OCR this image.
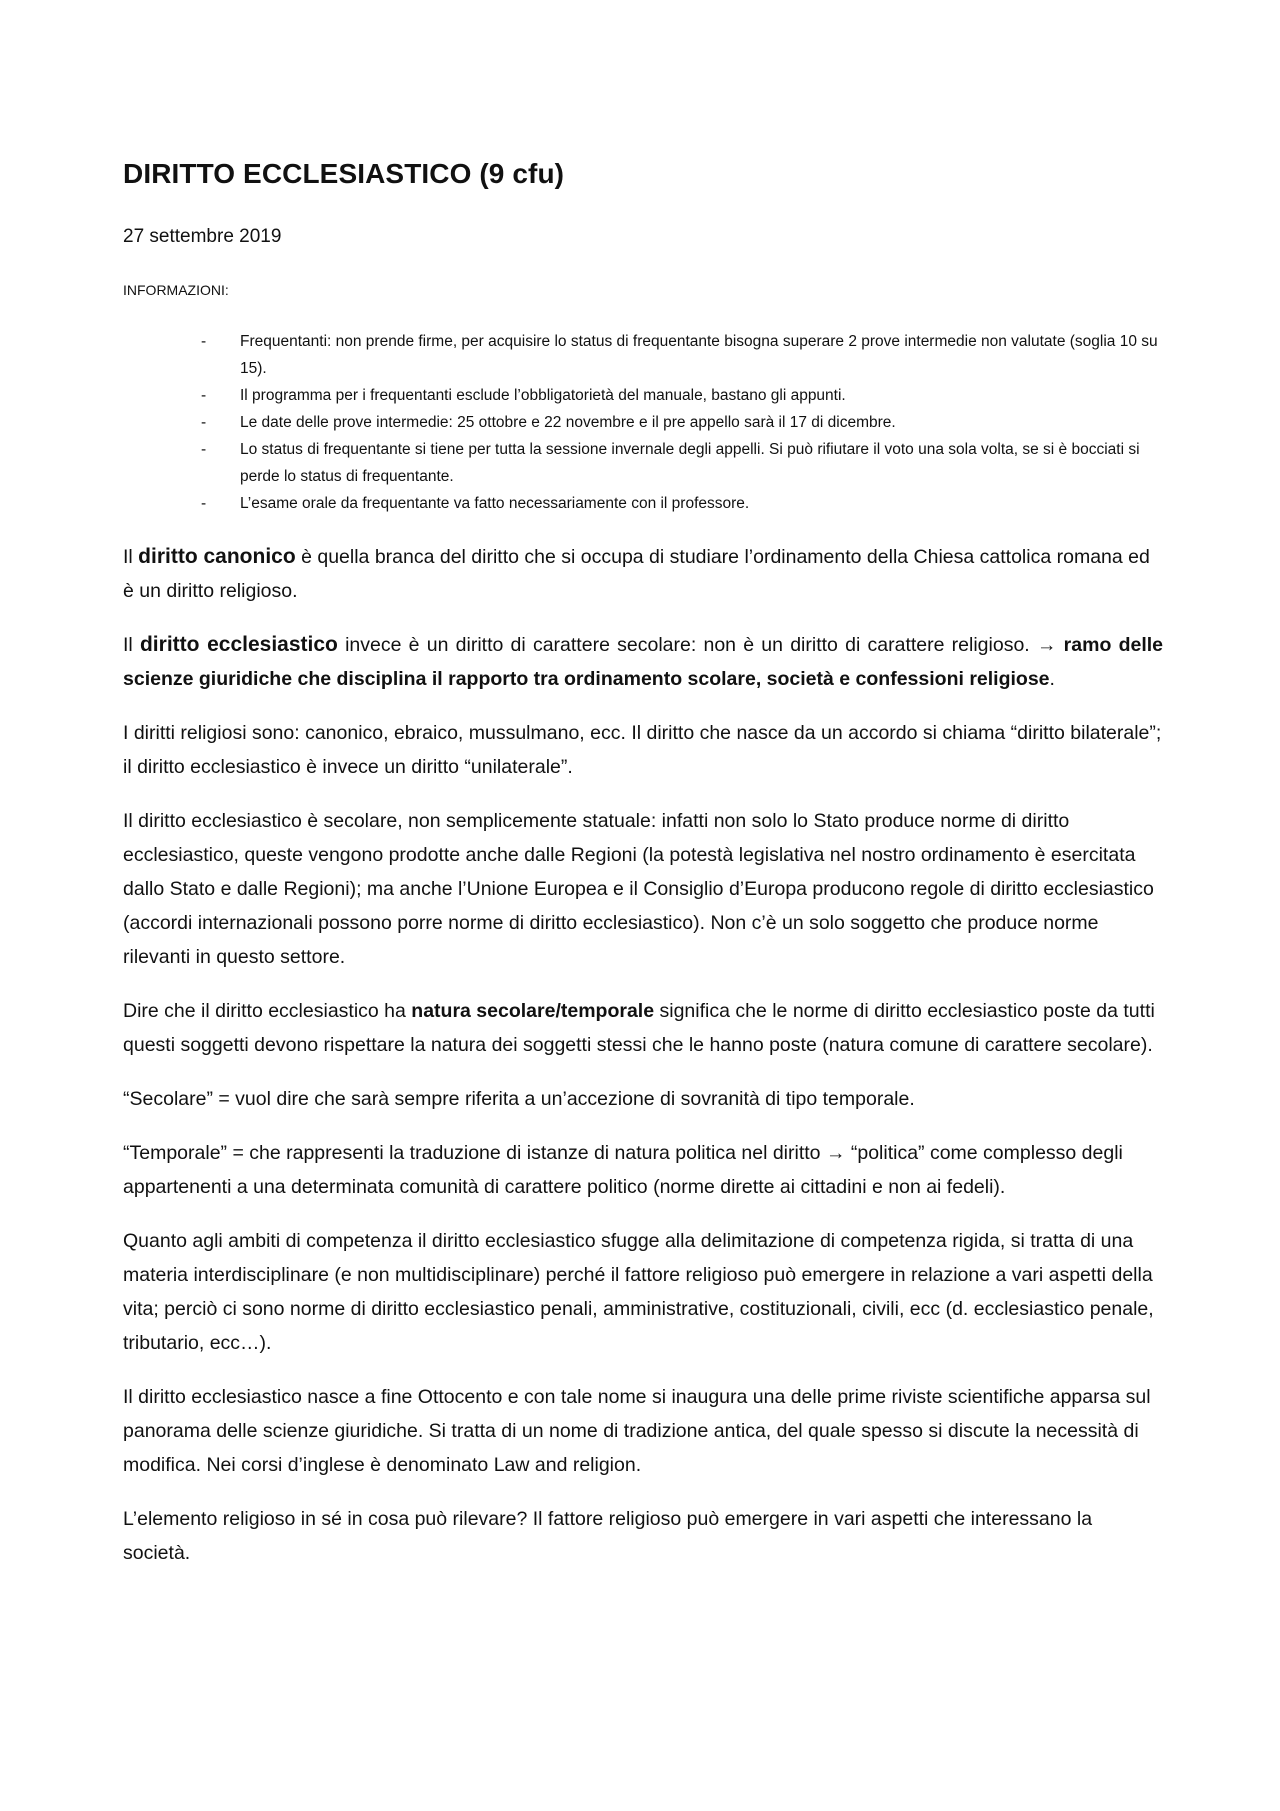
DIRITTO ECCLESIASTICO (9 cfu)

27 settembre 2019

INFORMAZIONI:

- Frequentanti: non prende firme, per acquisire lo status di frequentante bisogna superare 2 prove intermedie non valutate (soglia 10 su 15).
- Il programma per i frequentanti esclude l’obbligatorietà del manuale, bastano gli appunti.
- Le date delle prove intermedie: 25 ottobre e 22 novembre e il pre appello sarà il 17 di dicembre.
- Lo status di frequentante si tiene per tutta la sessione invernale degli appelli. Si può rifiutare il voto una sola volta, se si è bocciati si perde lo status di frequentante.
- L’esame orale da frequentante va fatto necessariamente con il professore.

Il diritto canonico è quella branca del diritto che si occupa di studiare l’ordinamento della Chiesa cattolica romana ed è un diritto religioso.

Il diritto ecclesiastico invece è un diritto di carattere secolare: non è un diritto di carattere religioso. → ramo delle scienze giuridiche che disciplina il rapporto tra ordinamento scolare, società e confessioni religiose.

I diritti religiosi sono: canonico, ebraico, mussulmano, ecc. Il diritto che nasce da un accordo si chiama “diritto bilaterale”; il diritto ecclesiastico è invece un diritto “unilaterale”.

Il diritto ecclesiastico è secolare, non semplicemente statuale: infatti non solo lo Stato produce norme di diritto ecclesiastico, queste vengono prodotte anche dalle Regioni (la potestà legislativa nel nostro ordinamento è esercitata dallo Stato e dalle Regioni); ma anche l’Unione Europea e il Consiglio d’Europa producono regole di diritto ecclesiastico (accordi internazionali possono porre norme di diritto ecclesiastico). Non c’è un solo soggetto che produce norme rilevanti in questo settore.

Dire che il diritto ecclesiastico ha natura secolare/temporale significa che le norme di diritto ecclesiastico poste da tutti questi soggetti devono rispettare la natura dei soggetti stessi che le hanno poste (natura comune di carattere secolare).

“Secolare” = vuol dire che sarà sempre riferita a un’accezione di sovranità di tipo temporale.

“Temporale” = che rappresenti la traduzione di istanze di natura politica nel diritto → “politica” come complesso degli appartenenti a una determinata comunità di carattere politico (norme dirette ai cittadini e non ai fedeli).

Quanto agli ambiti di competenza il diritto ecclesiastico sfugge alla delimitazione di competenza rigida, si tratta di una materia interdisciplinare (e non multidisciplinare) perché il fattore religioso può emergere in relazione a vari aspetti della vita; perciò ci sono norme di diritto ecclesiastico penali, amministrative, costituzionali, civili, ecc (d. ecclesiastico penale, tributario, ecc…).

Il diritto ecclesiastico nasce a fine Ottocento e con tale nome si inaugura una delle prime riviste scientifiche apparsa sul panorama delle scienze giuridiche. Si tratta di un nome di tradizione antica, del quale spesso si discute la necessità di modifica. Nei corsi d’inglese è denominato Law and religion.

L’elemento religioso in sé in cosa può rilevare? Il fattore religioso può emergere in vari aspetti che interessano la società.
